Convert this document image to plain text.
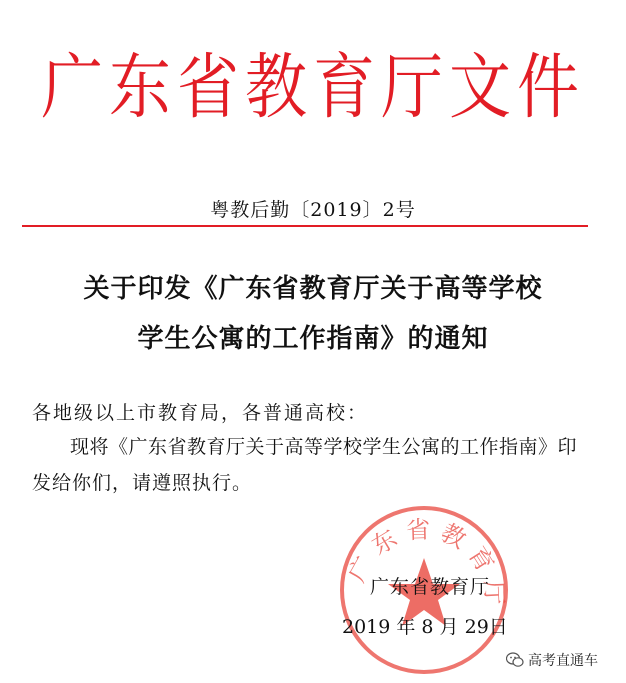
广东省教育厅文件
粤教后勤〔2019〕2号
关于印发《广东省教育厅关于高等学校
学生公寓的工作指南》的通知
各地级以上市教育局，各普通高校：
现将《广东省教育厅关于高等学校学生公寓的工作指南》印
发给你们，请遵照执行。
广东省教育厅
广东省教育厅
2019 年 8 月 29日
高考直通车
